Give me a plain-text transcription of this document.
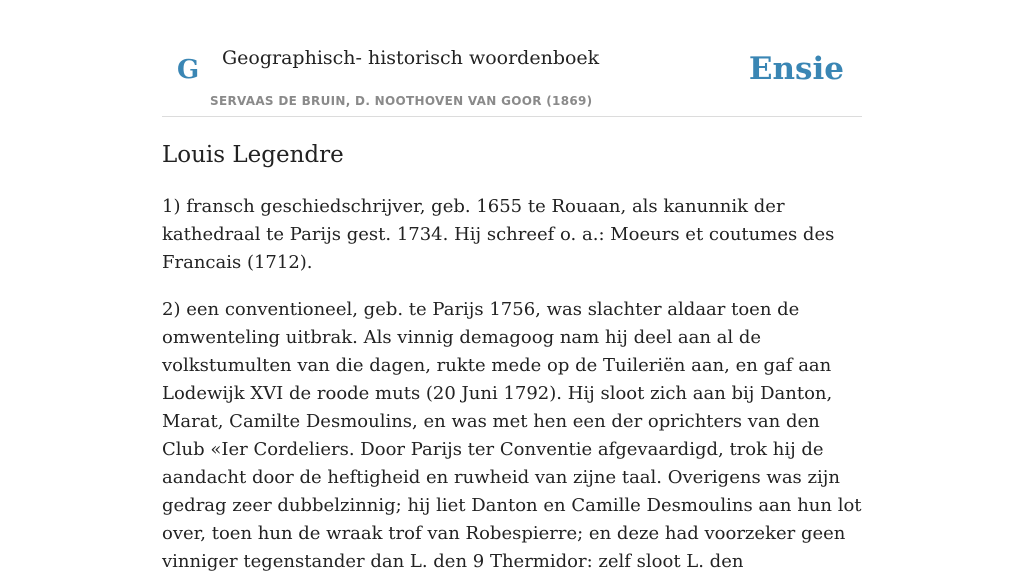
G Geographisch- historisch woordenboek
SERVAAS DE BRUIN, D. NOOTHOVEN VAN GOOR (1869)
Ensie
Louis Legendre

1) fransch geschiedschrijver, geb. 1655 te Rouaan, als kanunnik der kathedraal te Parijs gest. 1734. Hij schreef o. a.: Moeurs et coutumes des Francais (1712).

2) een conventioneel, geb. te Parijs 1756, was slachter aldaar toen de omwenteling uitbrak. Als vinnig demagoog nam hij deel aan al de volkstumulten van die dagen, rukte mede op de Tuileriën aan, en gaf aan Lodewijk XVI de roode muts (20 Juni 1792). Hij sloot zich aan bij Danton, Marat, Camilte Desmoulins, en was met hen een der oprichters van den Club «Ier Cordeliers. Door Parijs ter Conventie afgevaardigd, trok hij de aandacht door de heftigheid en ruwheid van zijne taal. Overigens was zijn gedrag zeer dubbelzinnig; hij liet Danton en Camille Desmoulins aan hun lot over, toen hun de wraak trof van Robespierre; en deze had voorzeker geen vinniger tegenstander dan L. den 9 Thermidor: zelf sloot L. den
